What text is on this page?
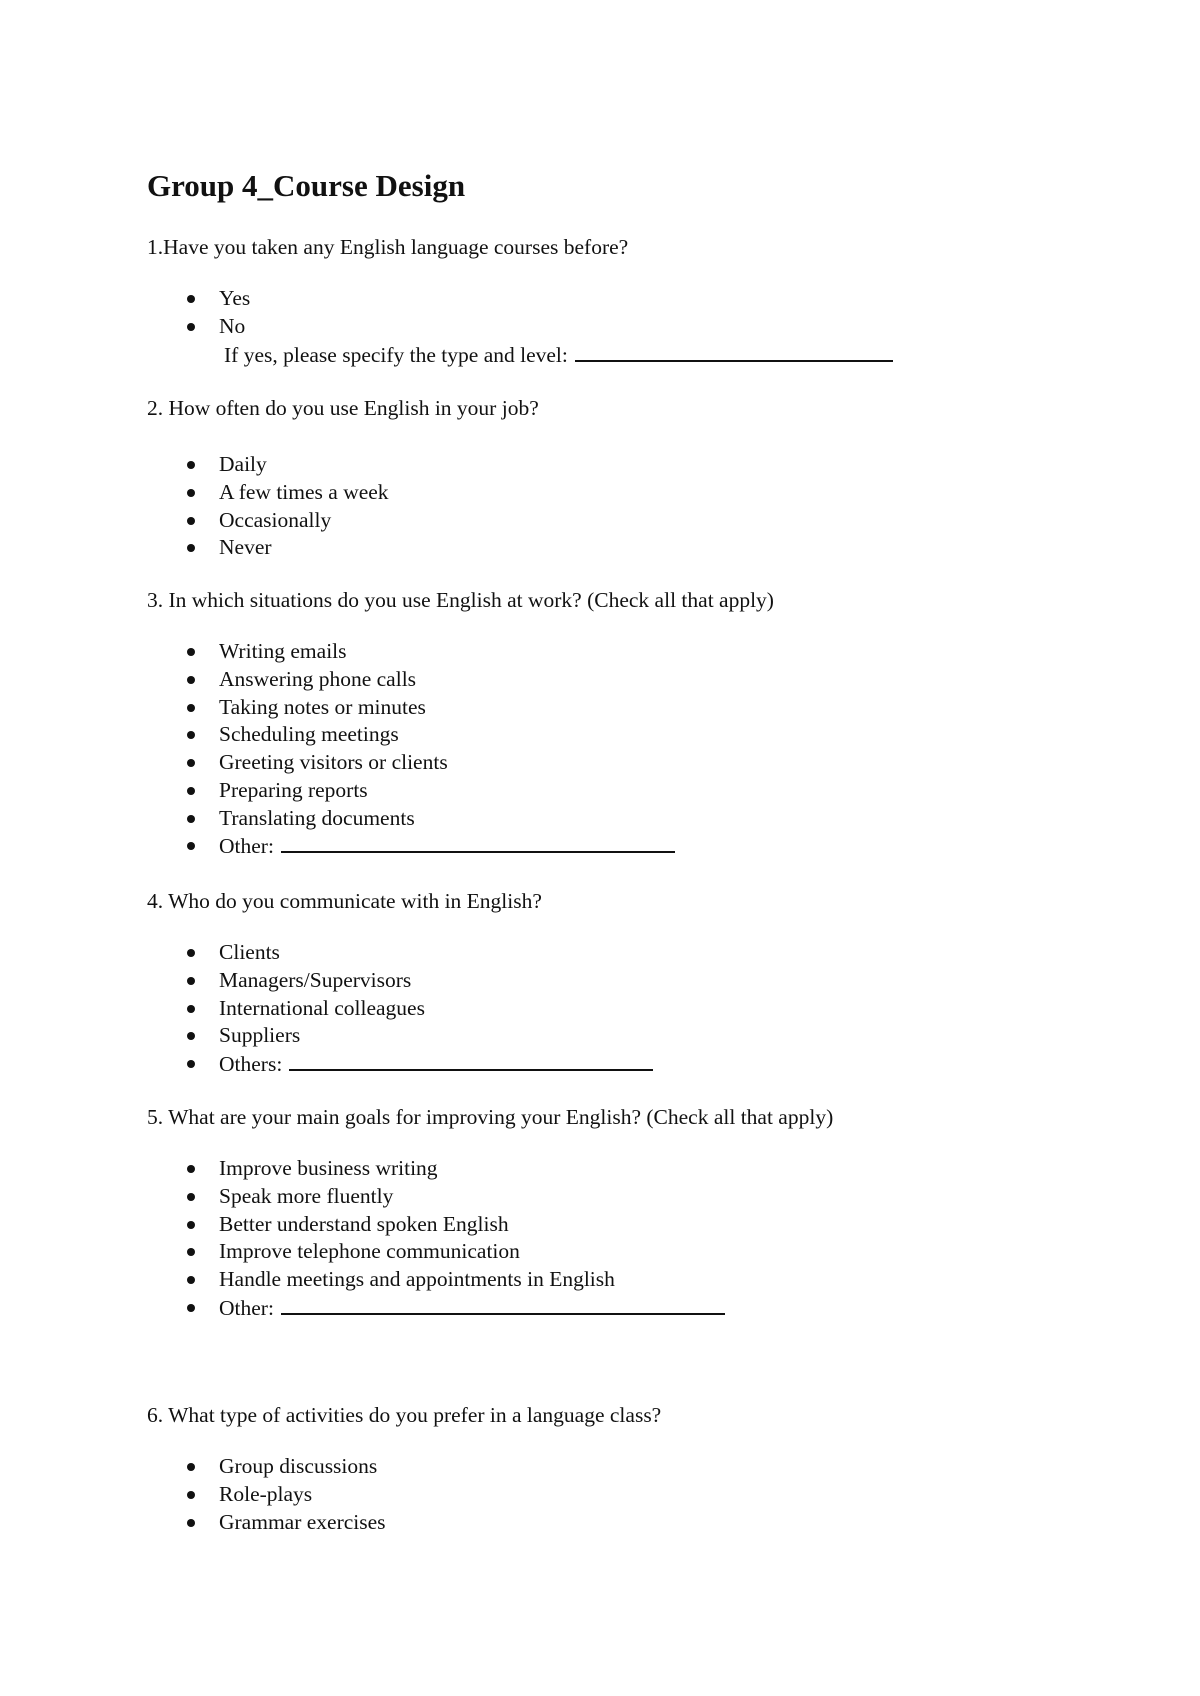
Group 4_Course Design

1.Have you taken any English language courses before?

Yes
No
If yes, please specify the type and level:

2. How often do you use English in your job?

Daily
A few times a week
Occasionally
Never

3. In which situations do you use English at work? (Check all that apply)

Writing emails
Answering phone calls
Taking notes or minutes
Scheduling meetings
Greeting visitors or clients
Preparing reports
Translating documents
Other:

4. Who do you communicate with in English?

Clients
Managers/Supervisors
International colleagues
Suppliers
Others:

5. What are your main goals for improving your English? (Check all that apply)

Improve business writing
Speak more fluently
Better understand spoken English
Improve telephone communication
Handle meetings and appointments in English
Other:

6. What type of activities do you prefer in a language class?

Group discussions
Role-plays
Grammar exercises
